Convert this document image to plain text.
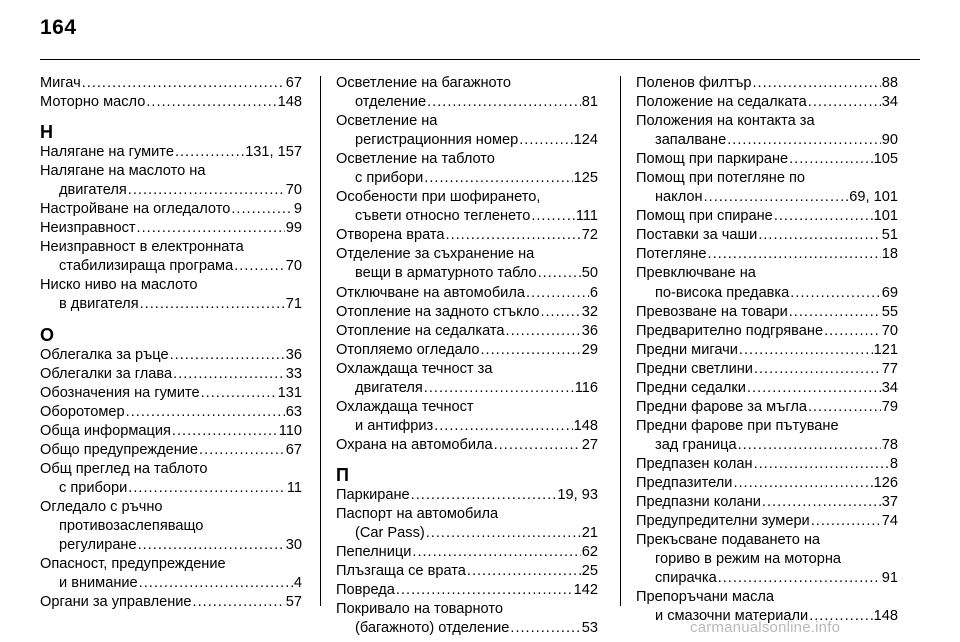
164
Мигач .....	67
Моторно масло .....	148
Н
Налягане на гумите .....	131, 157
Налягане на маслото на
двигателя .....	70
Настройване на огледалото .....	9
Неизправност .....	99
Неизправност в електронната
стабилизираща програма .....	70
Ниско ниво на маслото
в двигателя .....	71
О
Облегалка за ръце .....	36
Облегалки за глава .....	33
Обозначения на гумите .....	131
Оборотомер .....	63
Обща информация .....	110
Общо предупреждение .....	67
Общ преглед на таблото
с прибори .....	11
Огледало с ръчно
противозаслепяващо
регулиране .....	30
Опасност, предупреждение
и внимание .....	4
Органи за управление .....	57
Осветление на багажното
отделение .....	81
Осветление на
регистрационния номер .....	124
Осветление на таблото
с прибори .....	125
Особености при шофирането,
съвети относно тегленето .....	111
Отворена врата .....	72
Отделение за съхранение на
вещи в арматурното табло .....	50
Отключване на автомобила .....	6
Отопление на задното стъкло .....	32
Отопление на седалката .....	36
Отопляемо огледало .....	29
Охлаждаща течност за
двигателя .....	116
Охлаждаща течност
и антифриз .....	148
Охрана на автомобила .....	27
П
Паркиране .....	19, 93
Паспорт на автомобила
(Car Pass) .....	21
Пепелници .....	62
Плъзгаща се врата .....	25
Повреда .....	142
Покривало на товарното
(багажното) отделение .....	53
Поленов филтър .....	88
Положение на седалката .....	34
Положения на контакта за
запалване .....	90
Помощ при паркиране .....	105
Помощ при потегляне по
наклон .....	69, 101
Помощ при спиране .....	101
Поставки за чаши .....	51
Потегляне .....	18
Превключване на
по-висока предавка .....	69
Превозване на товари .....	55
Предварително подгряване .....	70
Предни мигачи .....	121
Предни светлини .....	77
Предни седалки .....	34
Предни фарове за мъгла .....	79
Предни фарове при пътуване
зад граница .....	78
Предпазен колан .....	8
Предпазители .....	126
Предпазни колани .....	37
Предупредителни зумери .....	74
Прекъсване подаването на
гориво в режим на моторна
спирачка .....	91
Препоръчани масла
и смазочни материали .....	148
carmanualsonline.info
